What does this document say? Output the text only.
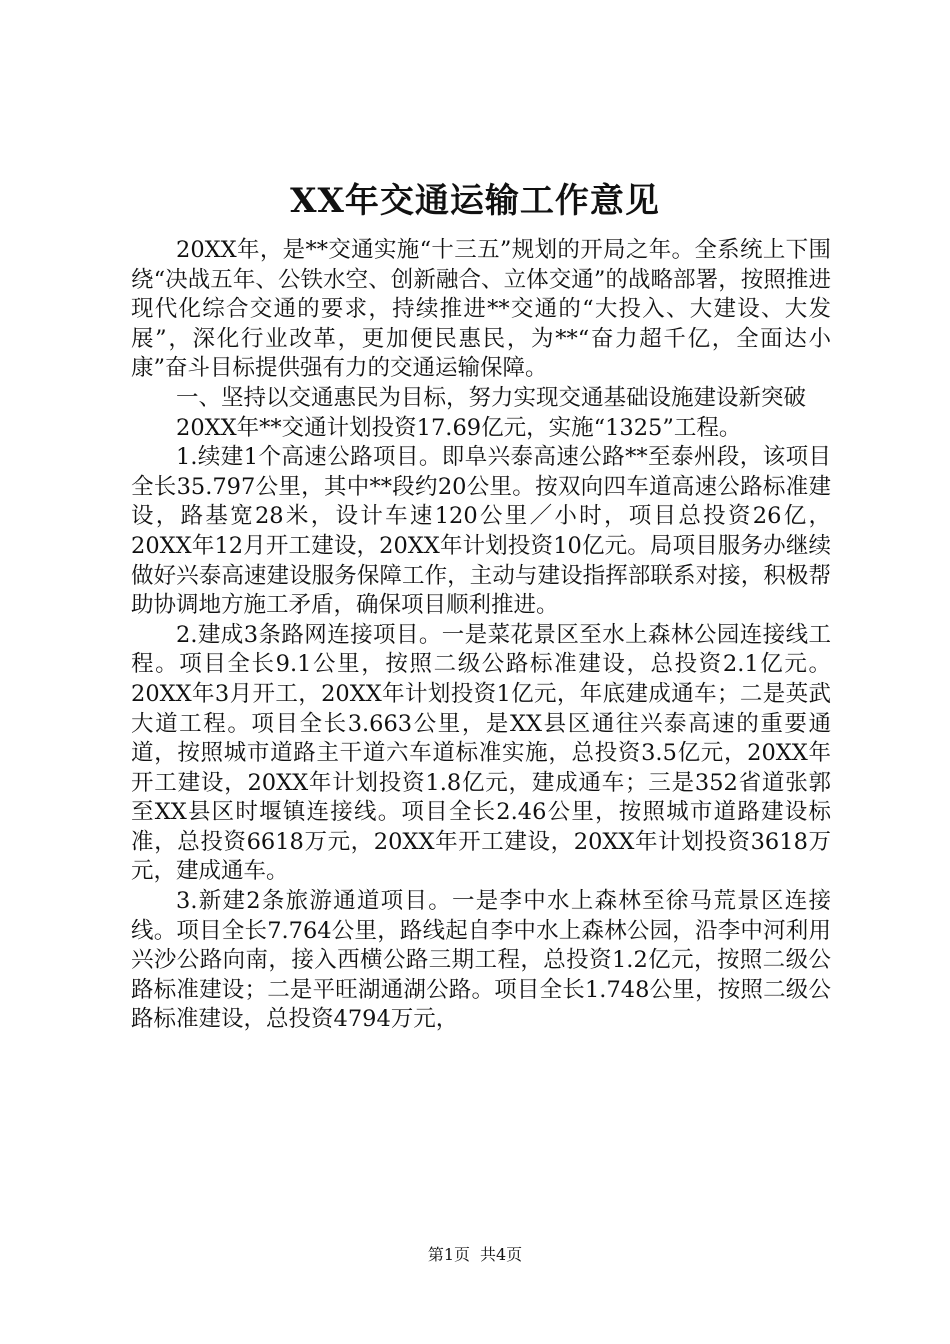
XX年交通运输工作意见

20XX年，是**交通实施“十三五”规划的开局之年。全系统上下围绕“决战五年、公铁水空、创新融合、立体交通”的战略部署，按照推进现代化综合交通的要求，持续推进**交通的“大投入、大建设、大发展”，深化行业改革，更加便民惠民，为**“奋力超千亿，全面达小康”奋斗目标提供强有力的交通运输保障。

一、坚持以交通惠民为目标，努力实现交通基础设施建设新突破

20XX年**交通计划投资17.69亿元，实施“1325”工程。

1.续建1个高速公路项目。即阜兴泰高速公路**至泰州段，该项目全长35.797公里，其中**段约20公里。按双向四车道高速公路标准建设，路基宽28米，设计车速120公里／小时，项目总投资26亿，20XX年12月开工建设，20XX年计划投资10亿元。局项目服务办继续做好兴泰高速建设服务保障工作，主动与建设指挥部联系对接，积极帮助协调地方施工矛盾，确保项目顺利推进。

2.建成3条路网连接项目。一是菜花景区至水上森林公园连接线工程。项目全长9.1公里，按照二级公路标准建设，总投资2.1亿元。20XX年3月开工，20XX年计划投资1亿元，年底建成通车；二是英武大道工程。项目全长3.663公里，是XX县区通往兴泰高速的重要通道，按照城市道路主干道六车道标准实施，总投资3.5亿元，20XX年开工建设，20XX年计划投资1.8亿元，建成通车；三是352省道张郭至XX县区时堰镇连接线。项目全长2.46公里，按照城市道路建设标准，总投资6618万元，20XX年开工建设，20XX年计划投资3618万元，建成通车。

3.新建2条旅游通道项目。一是李中水上森林至徐马荒景区连接线。项目全长7.764公里，路线起自李中水上森林公园，沿李中河利用兴沙公路向南，接入西横公路三期工程，总投资1.2亿元，按照二级公路标准建设；二是平旺湖通湖公路。项目全长1.748公里，按照二级公路标准建设，总投资4794万元，

第1页 共4页
